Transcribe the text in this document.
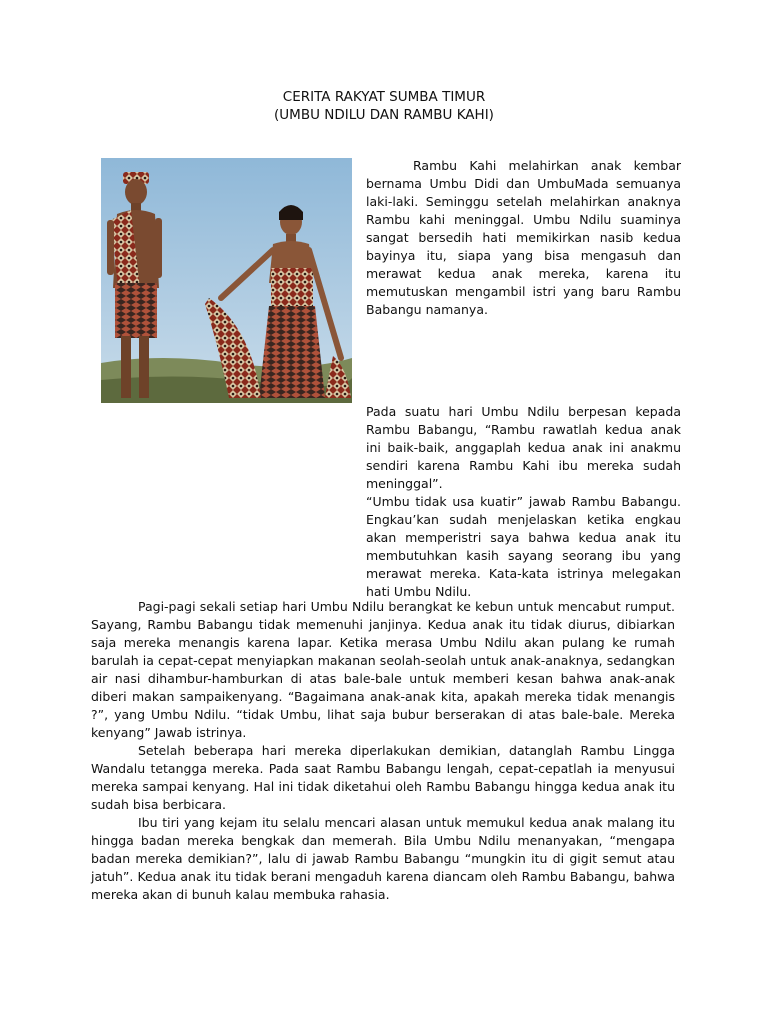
CERITA RAKYAT SUMBA TIMUR
(UMBU NDILU DAN RAMBU KAHI)

Rambu Kahi melahirkan anak kembar bernama Umbu Didi dan UmbuMada semuanya laki-laki. Seminggu setelah melahirkan anaknya Rambu kahi meninggal. Umbu Ndilu suaminya sangat bersedih hati memikirkan nasib kedua bayinya itu, siapa yang bisa mengasuh dan merawat kedua anak mereka, karena itu memutuskan mengambil istri yang baru Rambu Babangu namanya.

Pada suatu hari Umbu Ndilu berpesan kepada Rambu Babangu, “Rambu rawatlah kedua anak ini baik-baik, anggaplah kedua anak ini anakmu sendiri karena Rambu Kahi ibu mereka sudah meninggal”.

“Umbu tidak usa kuatir” jawab Rambu Babangu. Engkau’kan sudah menjelaskan ketika engkau akan memperistri saya bahwa kedua anak itu membutuhkan kasih sayang seorang ibu yang merawat mereka. Kata-kata istrinya melegakan hati Umbu Ndilu.

Pagi-pagi sekali setiap hari Umbu Ndilu berangkat ke kebun untuk mencabut rumput. Sayang, Rambu Babangu tidak memenuhi janjinya. Kedua anak itu tidak diurus, dibiarkan saja mereka menangis karena lapar. Ketika merasa Umbu Ndilu akan pulang ke rumah barulah ia cepat-cepat menyiapkan makanan seolah-seolah untuk anak-anaknya, sedangkan air nasi dihambur-hamburkan di atas bale-bale untuk memberi kesan bahwa anak-anak diberi makan sampaikenyang. “Bagaimana anak-anak kita, apakah mereka tidak menangis ?”, yang Umbu Ndilu. “tidak Umbu, lihat saja bubur berserakan di atas bale-bale. Mereka kenyang” Jawab istrinya.

Setelah beberapa hari mereka diperlakukan demikian, datanglah Rambu Lingga Wandalu tetangga mereka. Pada saat Rambu Babangu lengah, cepat-cepatlah ia menyusui mereka sampai kenyang. Hal ini tidak diketahui oleh Rambu Babangu hingga kedua anak itu sudah bisa berbicara.

Ibu tiri yang kejam itu selalu mencari alasan untuk memukul kedua anak malang itu hingga badan mereka bengkak dan memerah. Bila Umbu Ndilu menanyakan, “mengapa badan mereka demikian?”, lalu di jawab Rambu Babangu “mungkin itu di gigit semut atau jatuh”. Kedua anak itu tidak berani mengaduh karena diancam oleh Rambu Babangu, bahwa mereka akan di bunuh kalau membuka rahasia.
